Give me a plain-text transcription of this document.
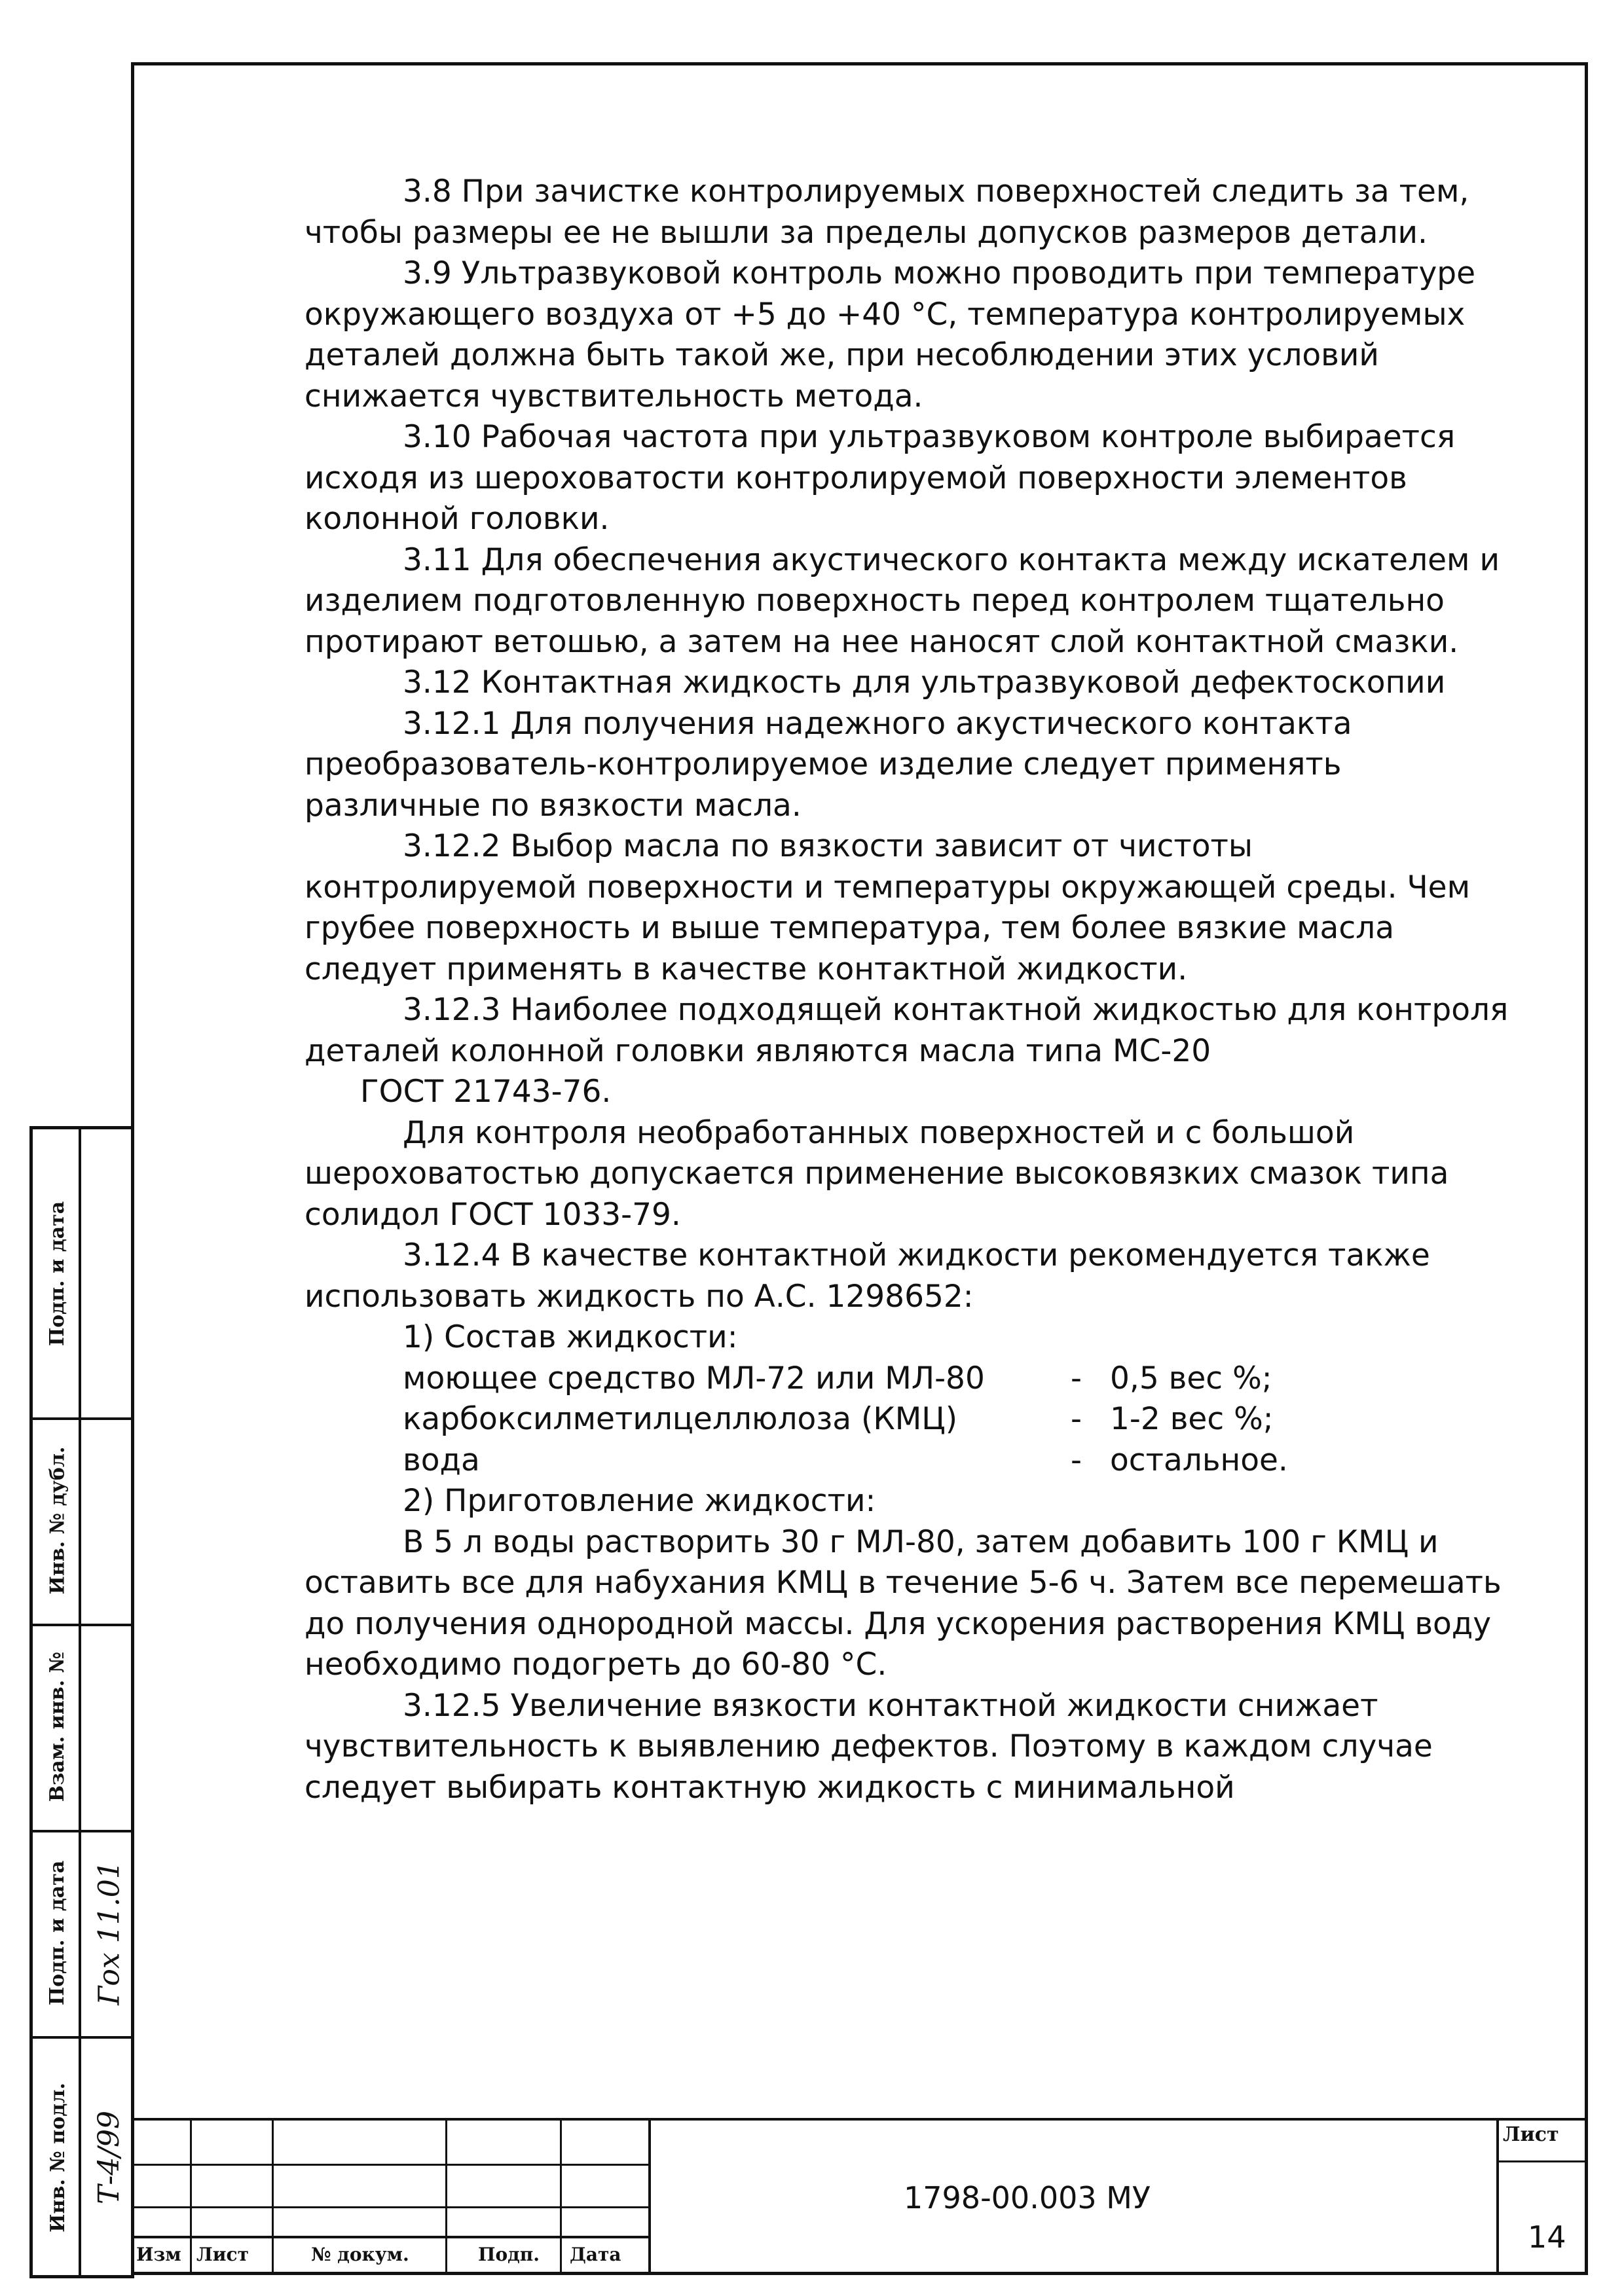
3.8 При зачистке контролируемых поверхностей следить за тем, чтобы размеры ее не вышли за пределы допусков размеров детали.

3.9 Ультразвуковой контроль можно проводить при температуре окружающего воздуха от +5 до +40 °С, температура контролируемых деталей должна быть такой же, при несоблюдении этих условий снижается чувствительность метода.

3.10 Рабочая частота при ультразвуковом контроле выбирается исходя из шероховатости контролируемой поверхности элементов колонной головки.

3.11 Для обеспечения акустического контакта между искателем и изделием подготовленную поверхность перед контролем тщательно протирают ветошью, а затем на нее наносят слой контактной смазки.

3.12 Контактная жидкость для ультразвуковой дефектоскопии

3.12.1 Для получения надежного акустического контакта преобразователь-контролируемое изделие следует применять различные по вязкости масла.

3.12.2 Выбор масла по вязкости зависит от чистоты контролируемой поверхности и температуры окружающей среды. Чем грубее поверхность и выше температура, тем более вязкие масла следует применять в качестве контактной жидкости.

3.12.3 Наиболее подходящей контактной жидкостью для контроля деталей колонной головки являются масла типа МС-20

ГОСТ 21743-76.

Для контроля необработанных поверхностей и с большой шероховатостью допускается применение высоковязких смазок типа солидол ГОСТ 1033-79.

3.12.4 В качестве контактной жидкости рекомендуется также использовать жидкость по А.С. 1298652:

1) Состав жидкости:

моющее средство МЛ-72 или МЛ-80	- 0,5 вес %;
карбоксилметилцеллюлоза (КМЦ)	- 1-2 вес %;
вода	- остальное.

2) Приготовление жидкости:

В 5 л воды растворить 30 г МЛ-80, затем добавить 100 г КМЦ и оставить все для набухания КМЦ в течение 5-6 ч. Затем все перемешать до получения однородной массы. Для ускорения растворения КМЦ воду необходимо подогреть до 60-80 °С.

3.12.5 Увеличение вязкости контактной жидкости снижает чувствительность к выявлению дефектов. Поэтому в каждом случае следует выбирать контактную жидкость с минимальной

Подп. и дата
Инв. № дубл.
Взам. инв. №
Подп. и дата
Инв. № подл.
Гох 11.01
Т-4/99
Изм Лист	№ докум.	Подп. Дата
1798-00.003 МУ
Лист
14
